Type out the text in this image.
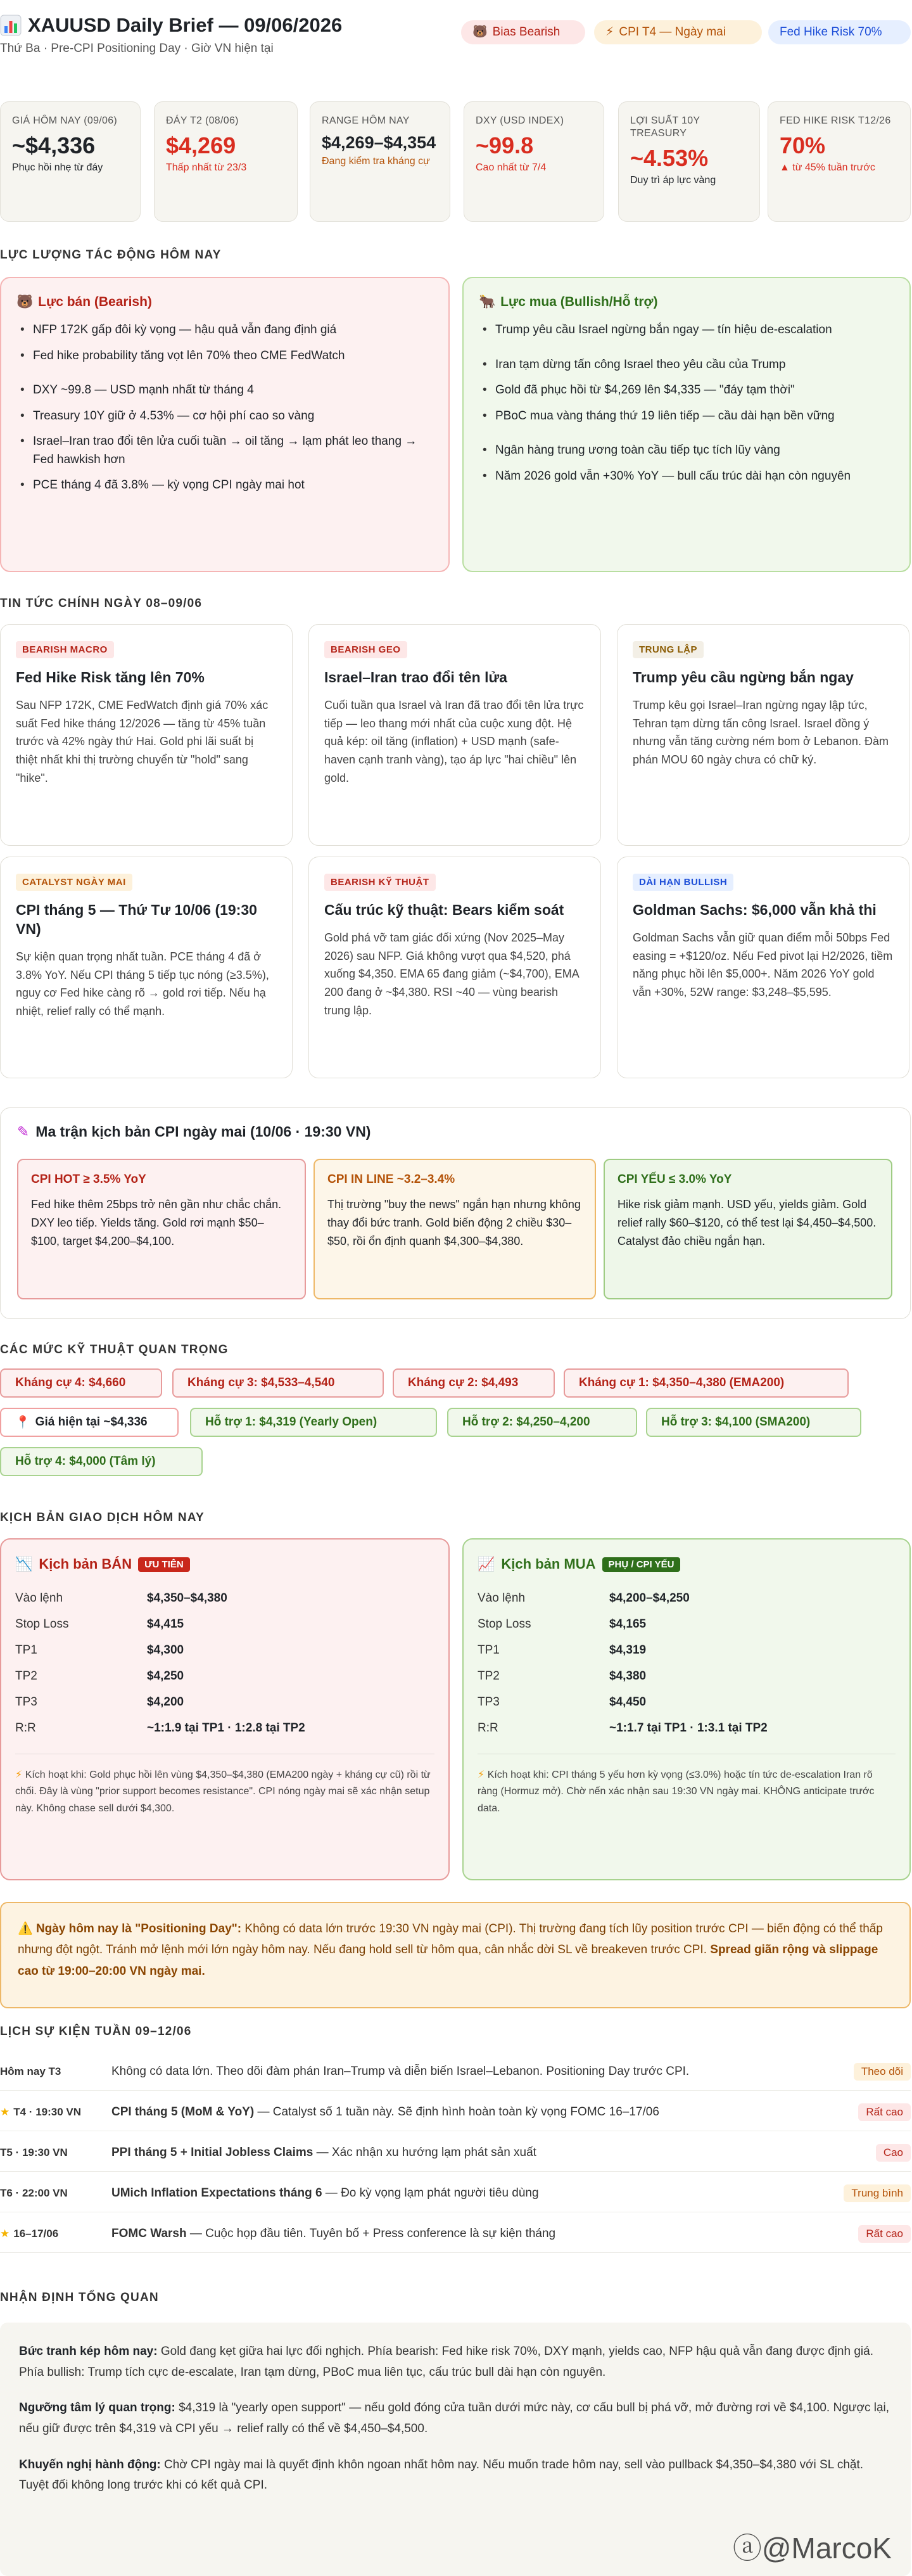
XAUUSD Daily Brief — 09/06/2026
Thứ Ba · Pre-CPI Positioning Day · Giờ VN hiện tại
🐻 Bias Bearish	⚡ CPI T4 — Ngày mai	Fed Hike Risk 70%
GIÁ HÔM NAY (09/06)
~$4,336
Phục hồi nhẹ từ đáy
ĐÁY T2 (08/06)
$4,269
Thấp nhất từ 23/3
RANGE HÔM NAY
$4,269–$4,354
Đang kiểm tra kháng cự
DXY (USD INDEX)
~99.8
Cao nhất từ 7/4
LỢI SUẤT 10Y TREASURY
~4.53%
Duy trì áp lực vàng
FED HIKE RISK T12/26
70%
▲ từ 45% tuần trước
LỰC LƯỢNG TÁC ĐỘNG HÔM NAY
🐻 Lực bán (Bearish)
• NFP 172K gấp đôi kỳ vọng — hậu quả vẫn đang định giá
• Fed hike probability tăng vọt lên 70% theo CME FedWatch
• DXY ~99.8 — USD mạnh nhất từ tháng 4
• Treasury 10Y giữ ở 4.53% — cơ hội phí cao so vàng
• Israel–Iran trao đổi tên lửa cuối tuần → oil tăng → lạm phát leo thang → Fed hawkish hơn
• PCE tháng 4 đã 3.8% — kỳ vọng CPI ngày mai hot
🐂 Lực mua (Bullish/Hỗ trợ)
• Trump yêu cầu Israel ngừng bắn ngay — tín hiệu de-escalation
• Iran tạm dừng tấn công Israel theo yêu cầu của Trump
• Gold đã phục hồi từ $4,269 lên $4,335 — "đáy tạm thời"
• PBoC mua vàng tháng thứ 19 liên tiếp — cầu dài hạn bền vững
• Ngân hàng trung ương toàn cầu tiếp tục tích lũy vàng
• Năm 2026 gold vẫn +30% YoY — bull cấu trúc dài hạn còn nguyên
TIN TỨC CHÍNH NGÀY 08–09/06
BEARISH MACRO
Fed Hike Risk tăng lên 70%

Sau NFP 172K, CME FedWatch định giá 70% xác suất Fed hike tháng 12/2026 — tăng từ 45% tuần trước và 42% ngày thứ Hai. Gold phi lãi suất bị thiệt nhất khi thị trường chuyển từ "hold" sang "hike".

BEARISH GEO
Israel–Iran trao đổi tên lửa

Cuối tuần qua Israel và Iran đã trao đổi tên lửa trực tiếp — leo thang mới nhất của cuộc xung đột. Hệ quả kép: oil tăng (inflation) + USD mạnh (safe-haven cạnh tranh vàng), tạo áp lực "hai chiều" lên gold.

TRUNG LẬP
Trump yêu cầu ngừng bắn ngay

Trump kêu gọi Israel–Iran ngừng ngay lập tức, Tehran tạm dừng tấn công Israel. Israel đồng ý nhưng vẫn tăng cường ném bom ở Lebanon. Đàm phán MOU 60 ngày chưa có chữ ký.

CATALYST NGÀY MAI
CPI tháng 5 — Thứ Tư 10/06 (19:30 VN)

Sự kiện quan trọng nhất tuần. PCE tháng 4 đã ở 3.8% YoY. Nếu CPI tháng 5 tiếp tục nóng (≥3.5%), nguy cơ Fed hike càng rõ → gold rơi tiếp. Nếu hạ nhiệt, relief rally có thể mạnh.

BEARISH KỸ THUẬT
Cấu trúc kỹ thuật: Bears kiểm soát

Gold phá vỡ tam giác đối xứng (Nov 2025–May 2026) sau NFP. Giá không vượt qua $4,520, phá xuống $4,350. EMA 65 đang giảm (~$4,700), EMA 200 đang ở ~$4,380. RSI ~40 — vùng bearish trung lập.

DÀI HẠN BULLISH
Goldman Sachs: $6,000 vẫn khả thi

Goldman Sachs vẫn giữ quan điểm mỗi 50bps Fed easing = +$120/oz. Nếu Fed pivot lại H2/2026, tiềm năng phục hồi lên $5,000+. Năm 2026 YoY gold vẫn +30%, 52W range: $3,248–$5,595.

✎ Ma trận kịch bản CPI ngày mai (10/06 · 19:30 VN)
CPI HOT ≥ 3.5% YoY

Fed hike thêm 25bps trở nên gần như chắc chắn. DXY leo tiếp. Yields tăng. Gold rơi mạnh $50–$100, target $4,200–$4,100.

CPI IN LINE ~3.2–3.4%

Thị trường "buy the news" ngắn hạn nhưng không thay đổi bức tranh. Gold biến động 2 chiều $30–$50, rồi ổn định quanh $4,300–$4,380.

CPI YẾU ≤ 3.0% YoY

Hike risk giảm mạnh. USD yếu, yields giảm. Gold relief rally $60–$120, có thể test lại $4,450–$4,500. Catalyst đảo chiều ngắn hạn.

CÁC MỨC KỸ THUẬT QUAN TRỌNG
Kháng cự 4: $4,660	Kháng cự 3: $4,533–4,540	Kháng cự 2: $4,493	Kháng cự 1: $4,350–4,380 (EMA200)
📍 Giá hiện tại ~$4,336	Hỗ trợ 1: $4,319 (Yearly Open)	Hỗ trợ 2: $4,250–4,200	Hỗ trợ 3: $4,100 (SMA200)
Hỗ trợ 4: $4,000 (Tâm lý)
KỊCH BẢN GIAO DỊCH HÔM NAY
📉 Kịch bản BÁN	ƯU TIÊN
Vào lệnh	$4,350–$4,380
Stop Loss	$4,415
TP1	$4,300
TP2	$4,250
TP3	$4,200
R:R	~1:1.9 tại TP1 · 1:2.8 tại TP2
⚡ Kích hoạt khi: Gold phục hồi lên vùng $4,350–$4,380 (EMA200 ngày + kháng cự cũ) rồi từ chối. Đây là vùng "prior support becomes resistance". CPI nóng ngày mai sẽ xác nhận setup này. Không chase sell dưới $4,300.
📈 Kịch bản MUA	PHỤ / CPI YẾU
Vào lệnh	$4,200–$4,250
Stop Loss	$4,165
TP1	$4,319
TP2	$4,380
TP3	$4,450
R:R	~1:1.7 tại TP1 · 1:3.1 tại TP2
⚡ Kích hoạt khi: CPI tháng 5 yếu hơn kỳ vọng (≤3.0%) hoặc tín tức de-escalation Iran rõ ràng (Hormuz mở). Chờ nến xác nhận sau 19:30 VN ngày mai. KHÔNG anticipate trước data.
⚠️ Ngày hôm nay là "Positioning Day": Không có data lớn trước 19:30 VN ngày mai (CPI). Thị trường đang tích lũy position trước CPI — biến động có thể thấp nhưng đột ngột. Tránh mở lệnh mới lớn ngày hôm nay. Nếu đang hold sell từ hôm qua, cân nhắc dời SL về breakeven trước CPI. Spread giãn rộng và slippage cao từ 19:00–20:00 VN ngày mai.
LỊCH SỰ KIỆN TUẦN 09–12/06
Hôm nay T3	Không có data lớn. Theo dõi đàm phán Iran–Trump và diễn biến Israel–Lebanon. Positioning Day trước CPI.	Theo dõi
★ T4 · 19:30 VN	CPI tháng 5 (MoM & YoY) — Catalyst số 1 tuần này. Sẽ định hình hoàn toàn kỳ vọng FOMC 16–17/06	Rất cao
T5 · 19:30 VN	PPI tháng 5 + Initial Jobless Claims — Xác nhận xu hướng lạm phát sản xuất	Cao
T6 · 22:00 VN	UMich Inflation Expectations tháng 6 — Đo kỳ vọng lạm phát người tiêu dùng	Trung bình
★ 16–17/06	FOMC Warsh — Cuộc họp đầu tiên. Tuyên bố + Press conference là sự kiện tháng	Rất cao
NHẬN ĐỊNH TỔNG QUAN

Bức tranh kép hôm nay: Gold đang kẹt giữa hai lực đối nghịch. Phía bearish: Fed hike risk 70%, DXY mạnh, yields cao, NFP hậu quả vẫn đang được định giá. Phía bullish: Trump tích cực de-escalate, Iran tạm dừng, PBoC mua liên tục, cấu trúc bull dài hạn còn nguyên.

Ngưỡng tâm lý quan trọng: $4,319 là "yearly open support" — nếu gold đóng cửa tuần dưới mức này, cơ cấu bull bị phá vỡ, mở đường rơi về $4,100. Ngược lại, nếu giữ được trên $4,319 và CPI yếu → relief rally có thể về $4,450–$4,500.

Khuyến nghị hành động: Chờ CPI ngày mai là quyết định khôn ngoan nhất hôm nay. Nếu muốn trade hôm nay, sell vào pullback $4,350–$4,380 với SL chặt. Tuyệt đối không long trước khi có kết quả CPI.

ⓐ@MarcoK
